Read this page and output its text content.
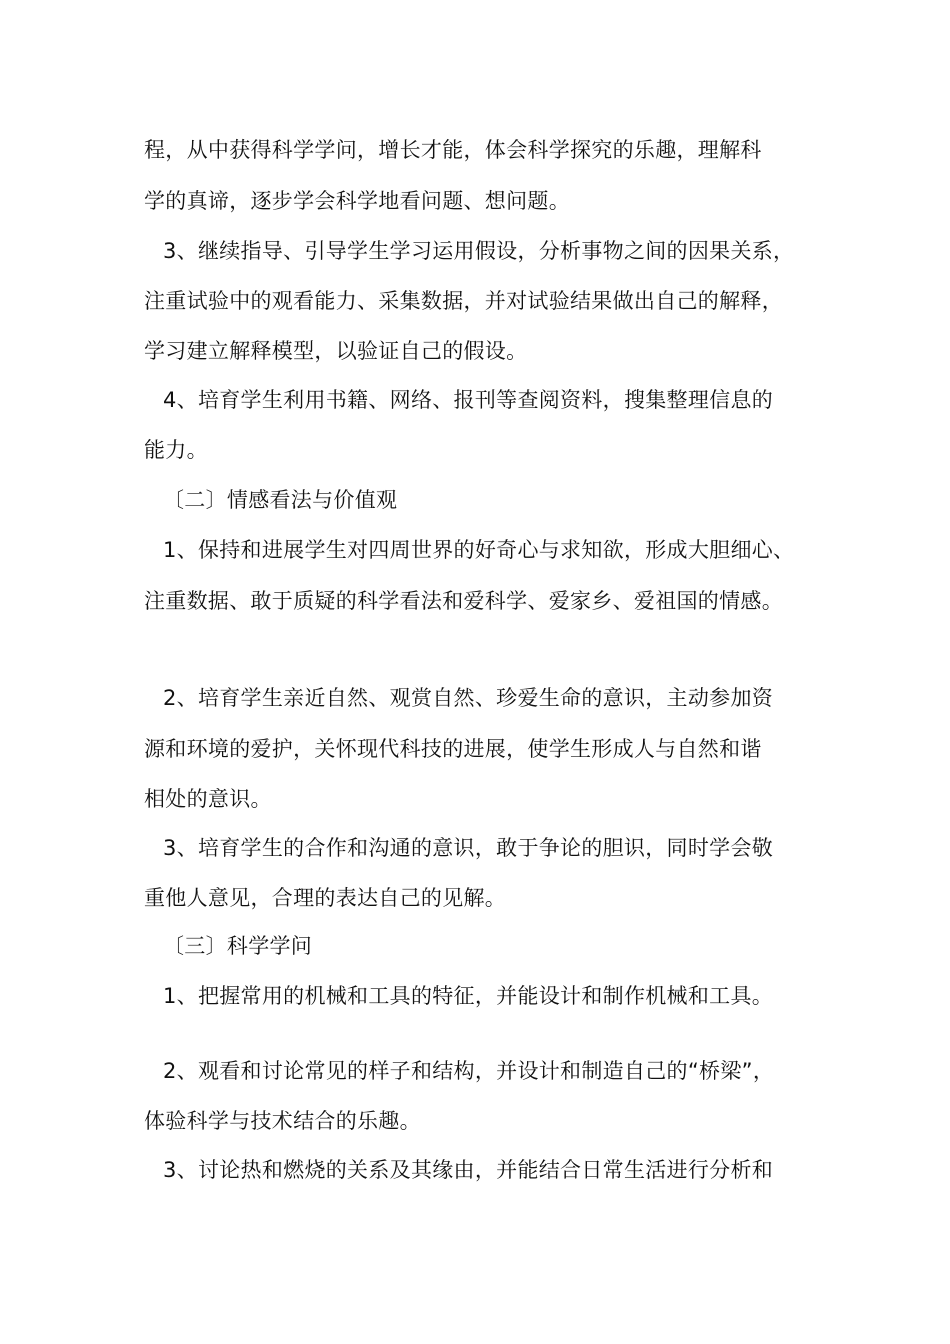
程，从中获得科学学问，增长才能，体会科学探究的乐趣，理解科
学的真谛，逐步学会科学地看问题、想问题。
3、继续指导、引导学生学习运用假设，分析事物之间的因果关系，
注重试验中的观看能力、采集数据，并对试验结果做出自己的解释，
学习建立解释模型，以验证自己的假设。
4、培育学生利用书籍、网络、报刊等查阅资料，搜集整理信息的
能力。
〔二〕情感看法与价值观
1、保持和进展学生对四周世界的好奇心与求知欲，形成大胆细心、
注重数据、敢于质疑的科学看法和爱科学、爱家乡、爱祖国的情感。
2、培育学生亲近自然、观赏自然、珍爱生命的意识，主动参加资
源和环境的爱护，关怀现代科技的进展，使学生形成人与自然和谐
相处的意识。
3、培育学生的合作和沟通的意识，敢于争论的胆识，同时学会敬
重他人意见，合理的表达自己的见解。
〔三〕科学学问
1、把握常用的机械和工具的特征，并能设计和制作机械和工具。
2、观看和讨论常见的样子和结构，并设计和制造自己的“桥梁”，
体验科学与技术结合的乐趣。
3、讨论热和燃烧的关系及其缘由，并能结合日常生活进行分析和
